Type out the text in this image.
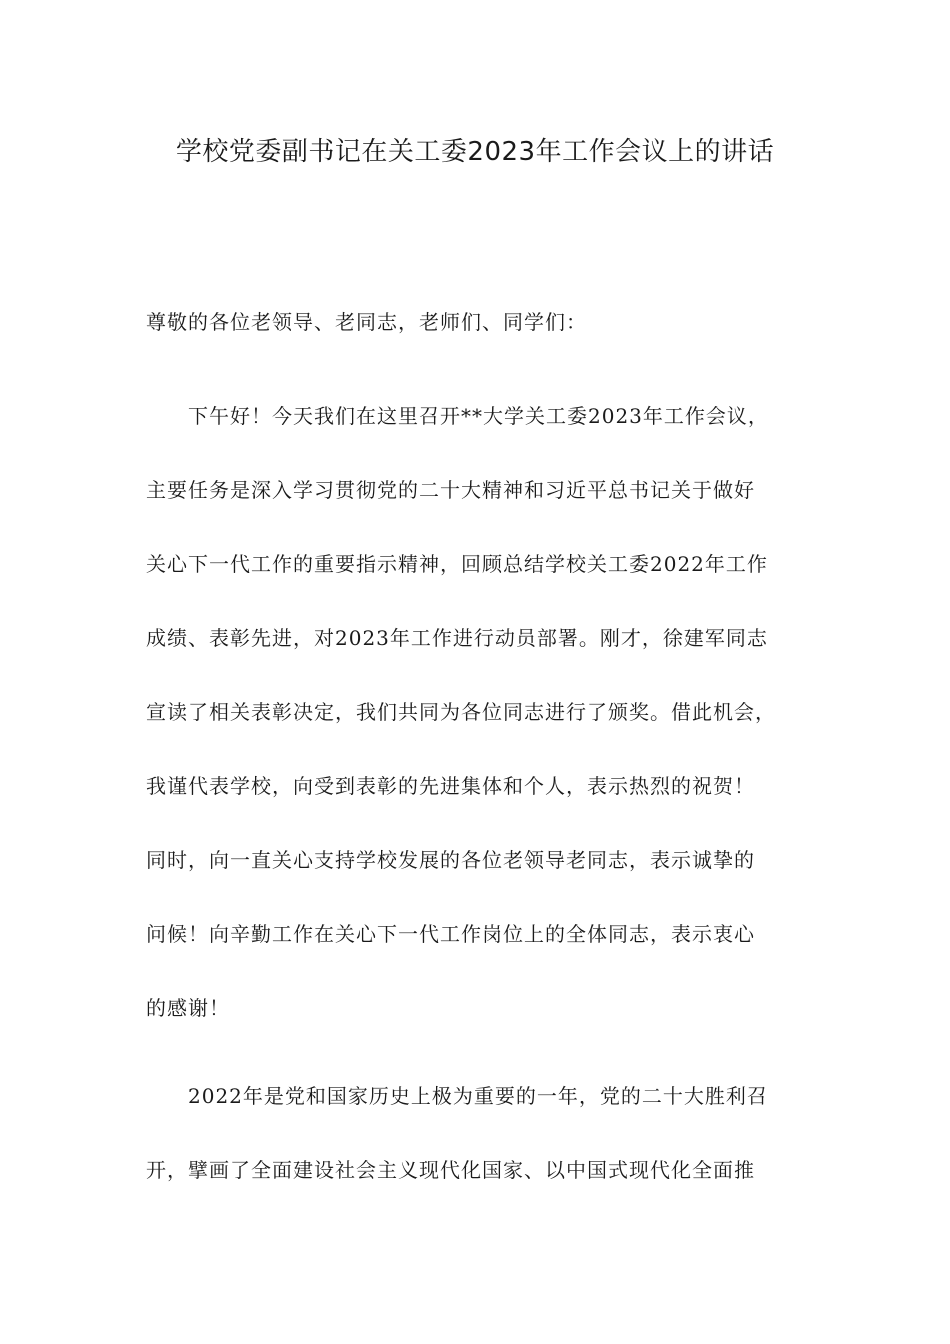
学校党委副书记在关工委2023年工作会议上的讲话

尊敬的各位老领导、老同志，老师们、同学们：

下午好！今天我们在这里召开**大学关工委2023年工作会议，
主要任务是深入学习贯彻党的二十大精神和习近平总书记关于做好
关心下一代工作的重要指示精神，回顾总结学校关工委2022年工作
成绩、表彰先进，对2023年工作进行动员部署。刚才，徐建军同志
宣读了相关表彰决定，我们共同为各位同志进行了颁奖。借此机会，
我谨代表学校，向受到表彰的先进集体和个人，表示热烈的祝贺！
同时，向一直关心支持学校发展的各位老领导老同志，表示诚挚的
问候！向辛勤工作在关心下一代工作岗位上的全体同志，表示衷心
的感谢！

2022年是党和国家历史上极为重要的一年，党的二十大胜利召
开，擘画了全面建设社会主义现代化国家、以中国式现代化全面推
